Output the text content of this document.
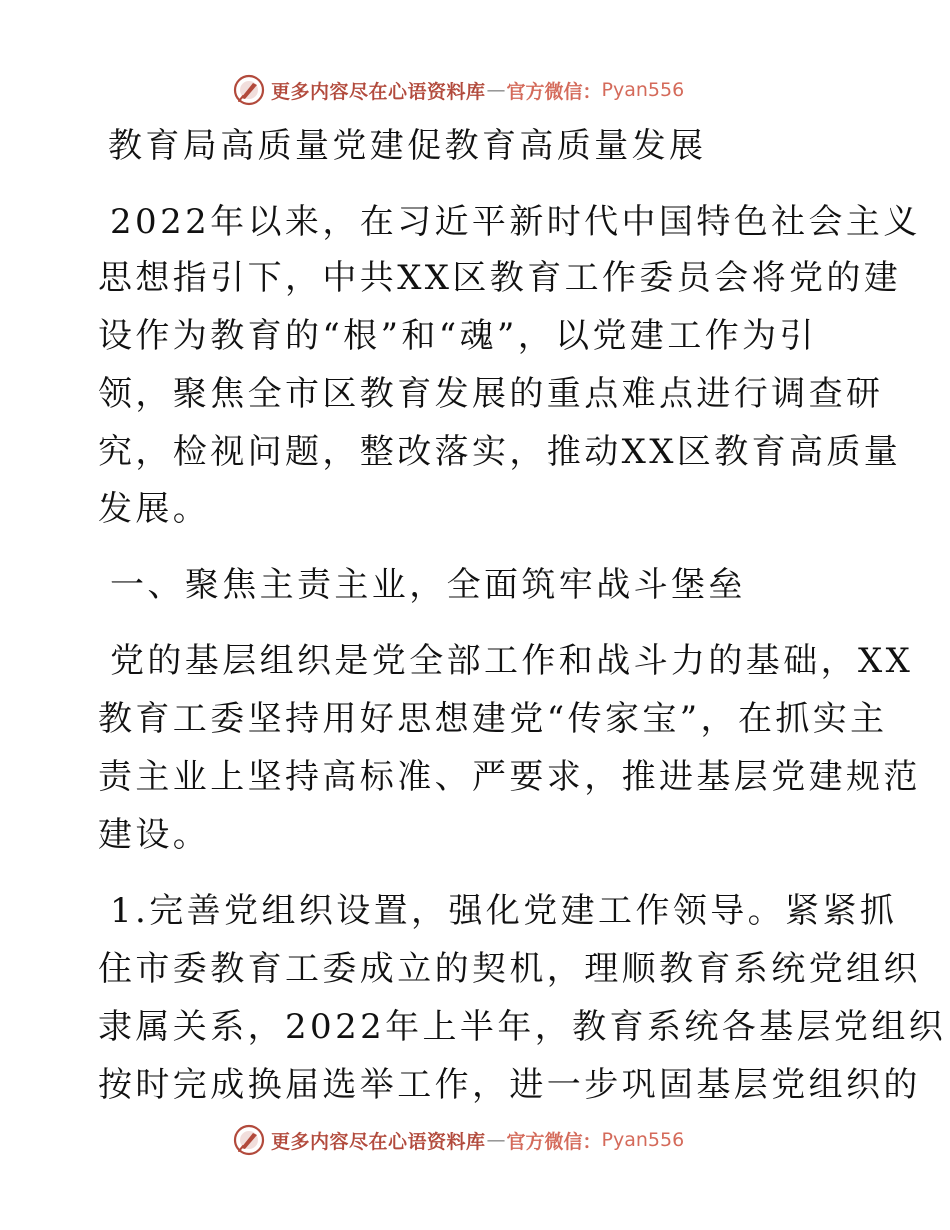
更多内容尽在心语资料库 — 官方微信： Pyan556
教育局高质量党建促教育高质量发展
2022年以来，在习近平新时代中国特色社会主义
思想指引下，中共XX区教育工作委员会将党的建
设作为教育的“根”和“魂”，以党建工作为引
领，聚焦全市区教育发展的重点难点进行调查研
究，检视问题，整改落实，推动XX区教育高质量
发展。
一、聚焦主责主业，全面筑牢战斗堡垒
党的基层组织是党全部工作和战斗力的基础，XX
教育工委坚持用好思想建党“传家宝”，在抓实主
责主业上坚持高标准、严要求，推进基层党建规范
建设。
1.完善党组织设置，强化党建工作领导。紧紧抓
住市委教育工委成立的契机，理顺教育系统党组织
隶属关系，2022年上半年，教育系统各基层党组织
按时完成换届选举工作，进一步巩固基层党组织的
更多内容尽在心语资料库 — 官方微信： Pyan556
